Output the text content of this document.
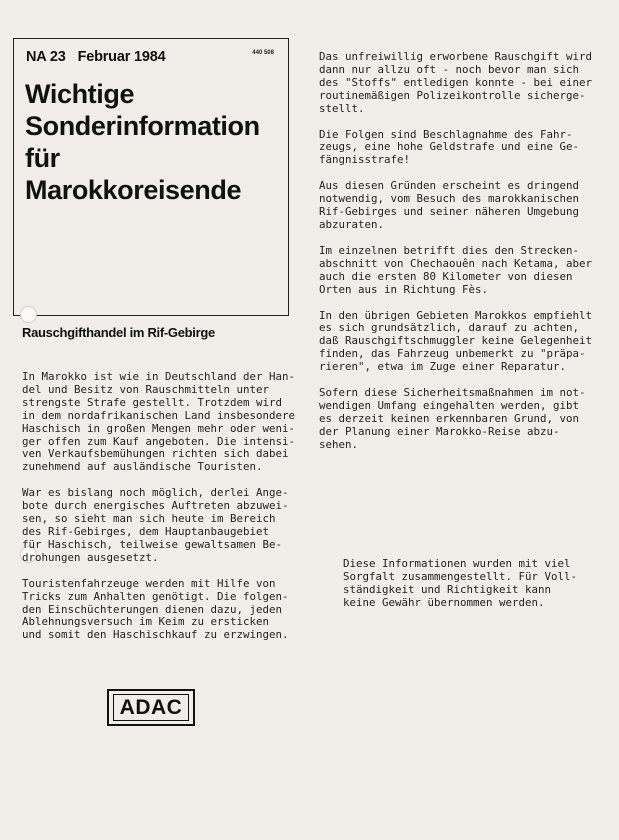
NA 23 Februar 1984	440 508
Wichtige
Sonderinformation
für
Marokkoreisende
Rauschgifthandel im Rif-Gebirge

In Marokko ist wie in Deutschland der Han-
del und Besitz von Rauschmitteln unter
strengste Strafe gestellt. Trotzdem wird
in dem nordafrikanischen Land insbesondere
Haschisch in großen Mengen mehr oder weni-
ger offen zum Kauf angeboten. Die intensi-
ven Verkaufsbemühungen richten sich dabei
zunehmend auf ausländische Touristen.

War es bislang noch möglich, derlei Ange-
bote durch energisches Auftreten abzuwei-
sen, so sieht man sich heute im Bereich
des Rif-Gebirges, dem Hauptanbaugebiet
für Haschisch, teilweise gewaltsamen Be-
drohungen ausgesetzt.

Touristenfahrzeuge werden mit Hilfe von
Tricks zum Anhalten genötigt. Die folgen-
den Einschüchterungen dienen dazu, jeden
Ablehnungsversuch im Keim zu ersticken
und somit den Haschischkauf zu erzwingen.

Das unfreiwillig erworbene Rauschgift wird
dann nur allzu oft - noch bevor man sich
des "Stoffs" entledigen konnte - bei einer
routinemäßigen Polizeikontrolle sicherge-
stellt.

Die Folgen sind Beschlagnahme des Fahr-
zeugs, eine hohe Geldstrafe und eine Ge-
fängnisstrafe!

Aus diesen Gründen erscheint es dringend
notwendig, vom Besuch des marokkanischen
Rif-Gebirges und seiner näheren Umgebung
abzuraten.

Im einzelnen betrifft dies den Strecken-
abschnitt von Chechaouên nach Ketama, aber
auch die ersten 80 Kilometer von diesen
Orten aus in Richtung Fès.

In den übrigen Gebieten Marokkos empfiehlt
es sich grundsätzlich, darauf zu achten,
daß Rauschgiftschmuggler keine Gelegenheit
finden, das Fahrzeug unbemerkt zu "präpa-
rieren", etwa im Zuge einer Reparatur.

Sofern diese Sicherheitsmaßnahmen im not-
wendigen Umfang eingehalten werden, gibt
es derzeit keinen erkennbaren Grund, von
der Planung einer Marokko-Reise abzu-
sehen.

Diese Informationen wurden mit viel
Sorgfalt zusammengestellt. Für Voll-
ständigkeit und Richtigkeit kann
keine Gewähr übernommen werden.
ADAC
